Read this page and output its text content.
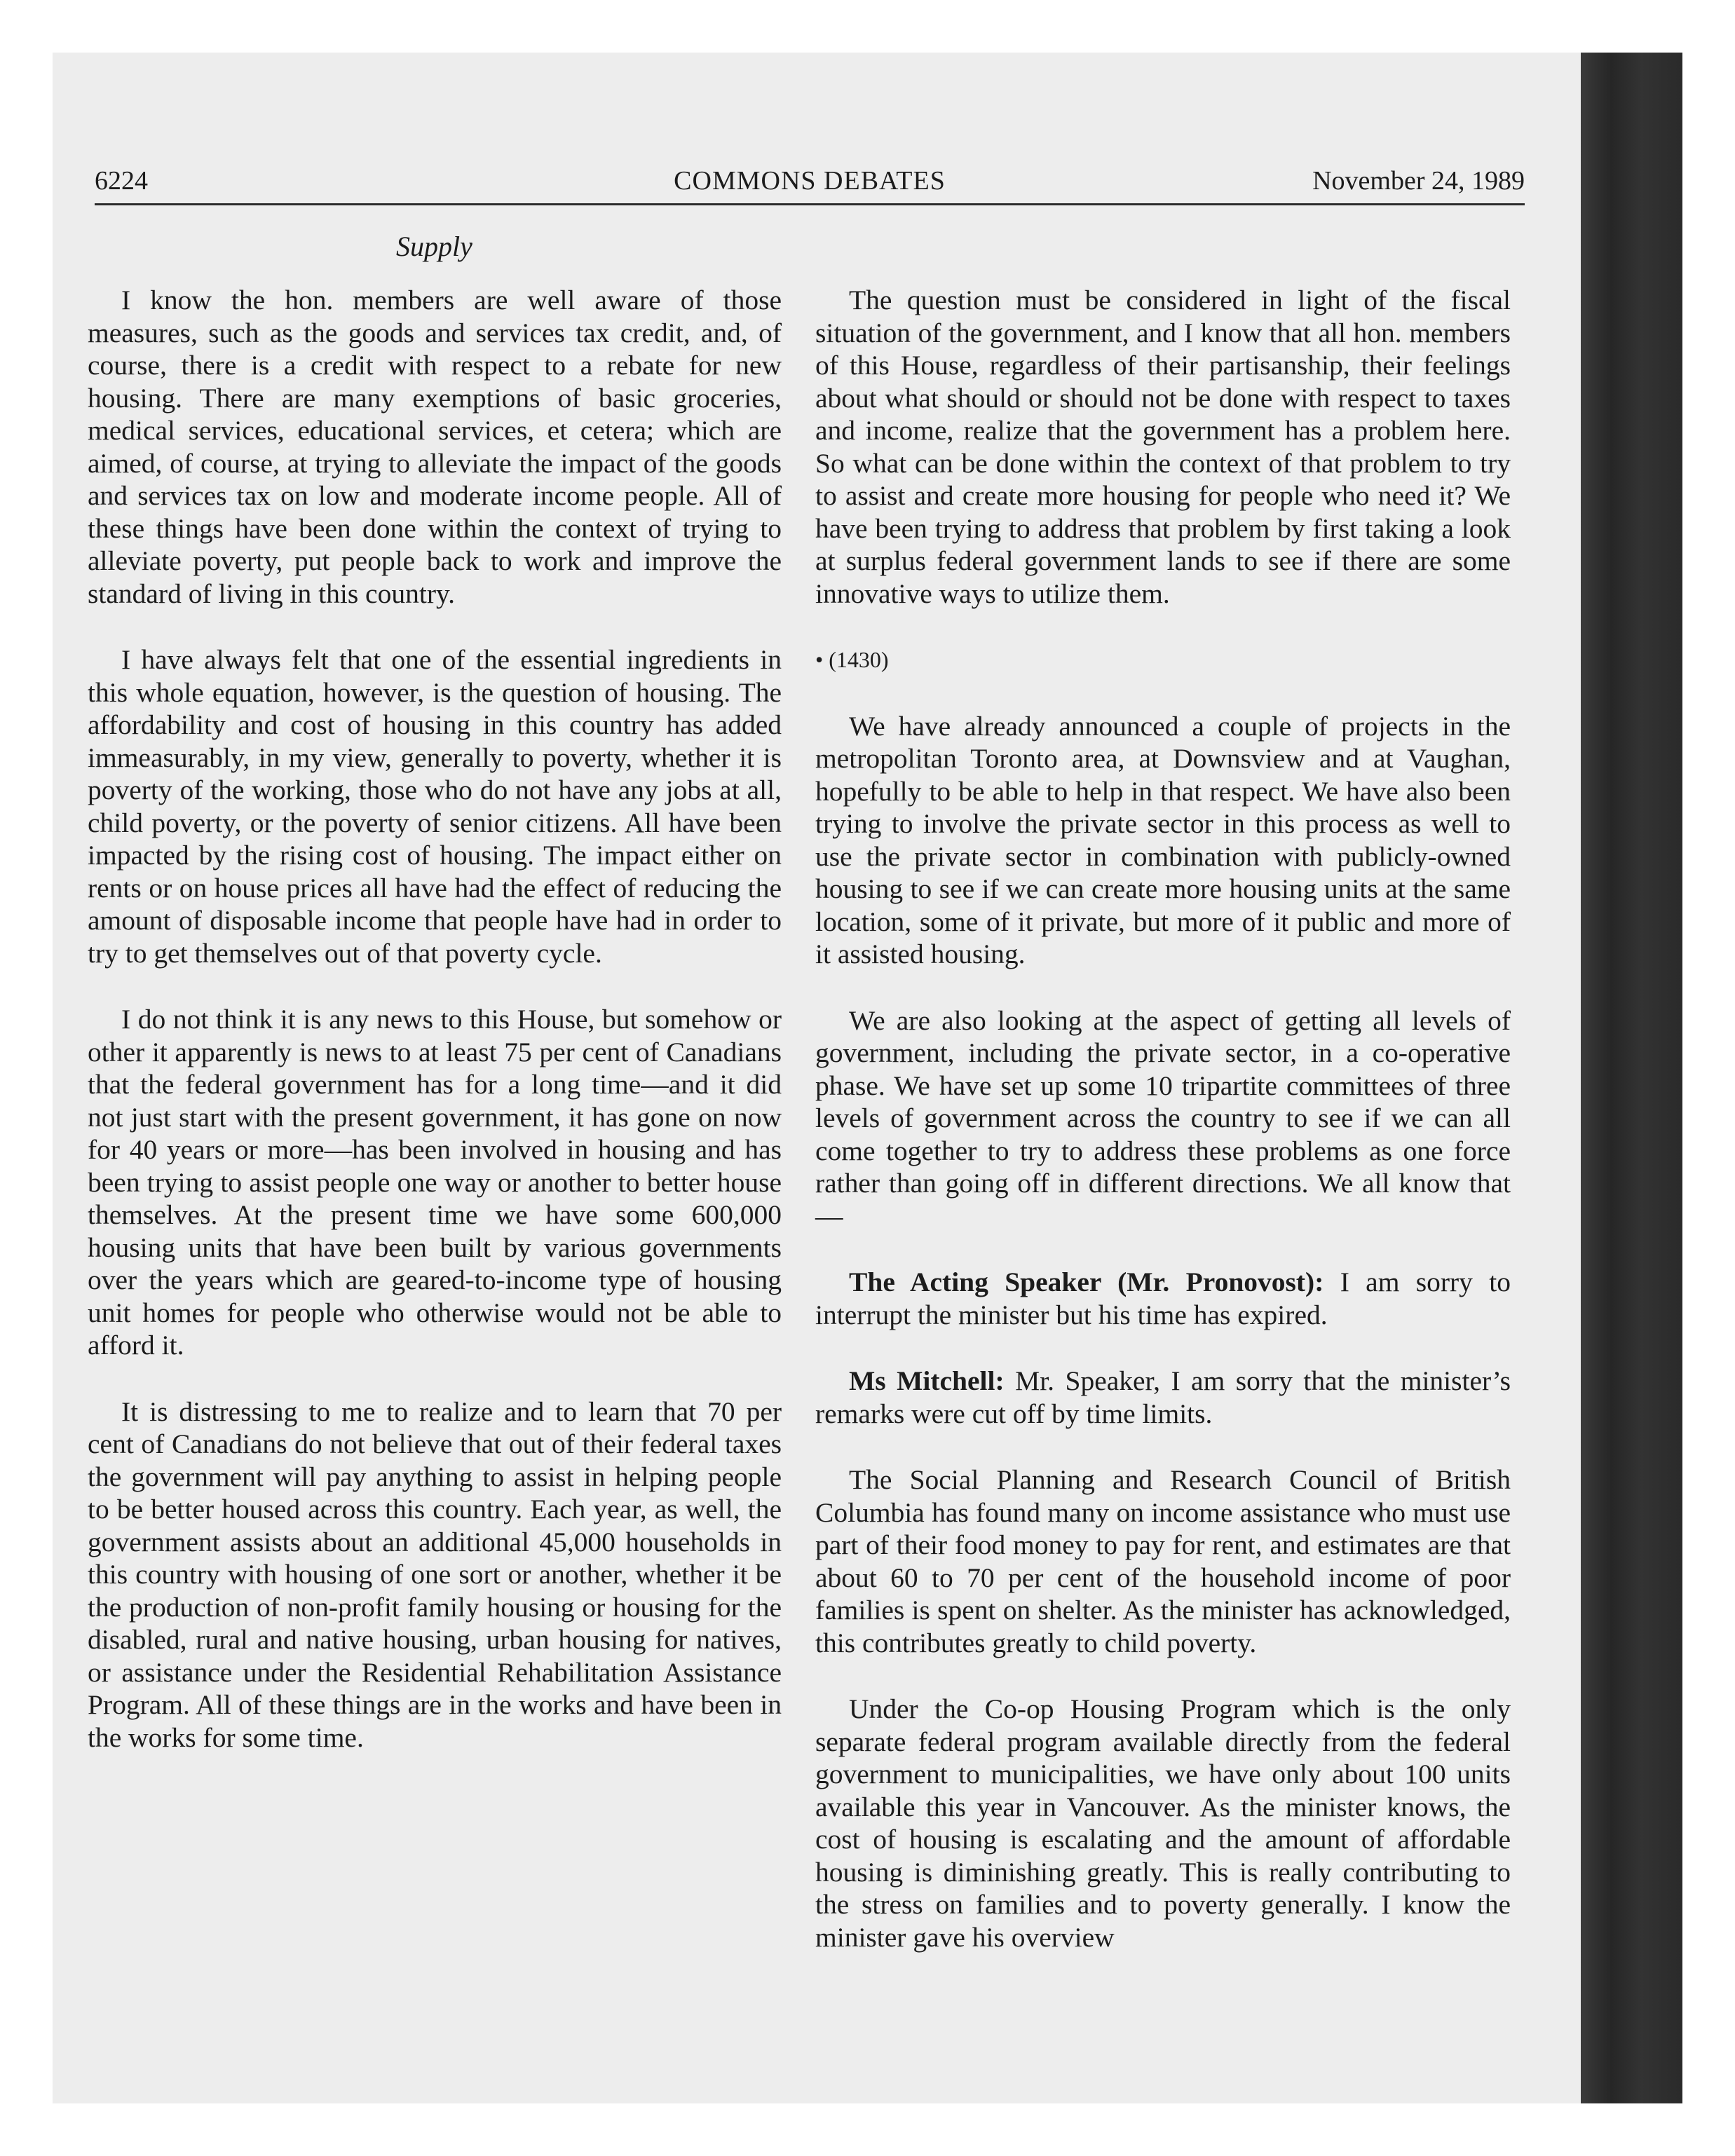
6224	COMMONS DEBATES	November 24, 1989
Supply

I know the hon. members are well aware of those measures, such as the goods and services tax credit, and, of course, there is a credit with respect to a rebate for new housing. There are many exemptions of basic groceries, medical services, educational services, et cetera; which are aimed, of course, at trying to alleviate the impact of the goods and services tax on low and moderate income people. All of these things have been done within the context of trying to alleviate poverty, put people back to work and improve the standard of living in this country.

I have always felt that one of the essential ingredients in this whole equation, however, is the question of housing. The affordability and cost of housing in this country has added immeasurably, in my view, generally to poverty, whether it is poverty of the working, those who do not have any jobs at all, child poverty, or the poverty of senior citizens. All have been impacted by the rising cost of housing. The impact either on rents or on house prices all have had the effect of reducing the amount of disposable income that people have had in order to try to get themselves out of that poverty cycle.

I do not think it is any news to this House, but somehow or other it apparently is news to at least 75 per cent of Canadians that the federal government has for a long time—and it did not just start with the present government, it has gone on now for 40 years or more—has been involved in housing and has been trying to assist people one way or another to better house themselves. At the present time we have some 600,000 housing units that have been built by various governments over the years which are geared-to-income type of housing unit homes for people who otherwise would not be able to afford it.

It is distressing to me to realize and to learn that 70 per cent of Canadians do not believe that out of their federal taxes the government will pay anything to assist in helping people to be better housed across this country. Each year, as well, the government assists about an additional 45,000 households in this country with housing of one sort or another, whether it be the production of non-profit family housing or housing for the disabled, rural and native housing, urban housing for natives, or assistance under the Residential Rehabilitation Assistance Program. All of these things are in the works and have been in the works for some time.

The question must be considered in light of the fiscal situation of the government, and I know that all hon. members of this House, regardless of their partisanship, their feelings about what should or should not be done with respect to taxes and income, realize that the government has a problem here. So what can be done within the context of that problem to try to assist and create more housing for people who need it? We have been trying to address that problem by first taking a look at surplus federal government lands to see if there are some innovative ways to utilize them.

• (1430)

We have already announced a couple of projects in the metropolitan Toronto area, at Downsview and at Vaughan, hopefully to be able to help in that respect. We have also been trying to involve the private sector in this process as well to use the private sector in combination with publicly-owned housing to see if we can create more housing units at the same location, some of it private, but more of it public and more of it assisted housing.

We are also looking at the aspect of getting all levels of government, including the private sector, in a co-operative phase. We have set up some 10 tripartite committees of three levels of government across the country to see if we can all come together to try to address these problems as one force rather than going off in different directions. We all know that—

The Acting Speaker (Mr. Pronovost): I am sorry to interrupt the minister but his time has expired.

Ms Mitchell: Mr. Speaker, I am sorry that the minister’s remarks were cut off by time limits.

The Social Planning and Research Council of British Columbia has found many on income assistance who must use part of their food money to pay for rent, and estimates are that about 60 to 70 per cent of the household income of poor families is spent on shelter. As the minister has acknowledged, this contributes greatly to child poverty.

Under the Co-op Housing Program which is the only separate federal program available directly from the federal government to municipalities, we have only about 100 units available this year in Vancouver. As the minister knows, the cost of housing is escalating and the amount of affordable housing is diminishing greatly. This is really contributing to the stress on families and to poverty generally. I know the minister gave his overview
